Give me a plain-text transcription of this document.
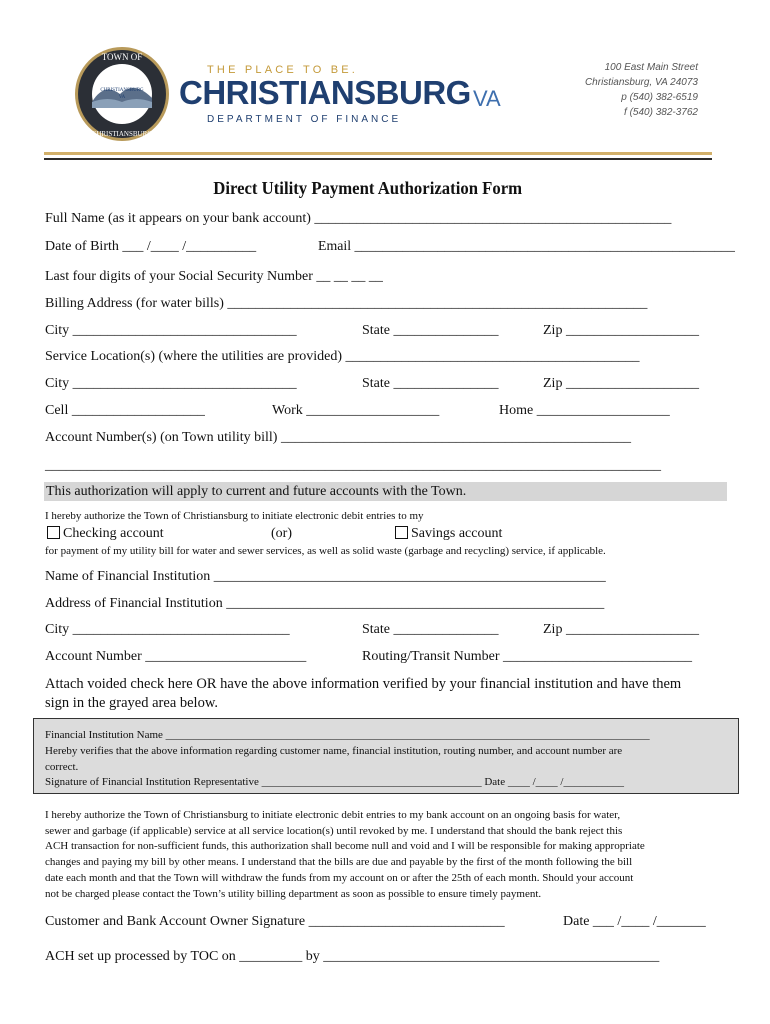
TOWN OF
CHRISTIANSBURG
CHRISTIANSBURG
VA
THE PLACE TO BE.
CHRISTIANSBURG VA
DEPARTMENT OF FINANCE
100 East Main Street
Christiansburg, VA 24073
p (540) 382-6519
f (540) 382-3762
Direct Utility Payment Authorization Form
Full Name (as it appears on your bank account) ___________________________________________________
Date of Birth ___ /____ /__________	Email _______________________________________________________
Last four digits of your Social Security Number __ __ __ __
Billing Address (for water bills) ____________________________________________________________
City ________________________________	State _______________	Zip ___________________
Service Location(s) (where the utilities are provided) __________________________________________
City ________________________________	State _______________	Zip ___________________
Cell ___________________	Work ___________________	Home ___________________
Account Number(s) (on Town utility bill) __________________________________________________
________________________________________________________________________________________
This authorization will apply to current and future accounts with the Town.
I hereby authorize the Town of Christiansburg to initiate electronic debit entries to my
Checking account	(or)	Savings account
for payment of my utility bill for water and sewer services, as well as solid waste (garbage and recycling) service, if applicable.
Name of Financial Institution ________________________________________________________
Address of Financial Institution ______________________________________________________
City _______________________________	State _______________	Zip ___________________
Account Number _______________________	Routing/Transit Number ___________________________
Attach voided check here OR have the above information verified by your financial institution and have them
sign in the grayed area below.
Financial Institution Name ________________________________________________________________________________________
Hereby verifies that the above information regarding customer name, financial institution, routing number, and account number are
correct.
Signature of Financial Institution Representative ________________________________________ Date ____ /____ /___________
I hereby authorize the Town of Christiansburg to initiate electronic debit entries to my bank account on an ongoing basis for water,
sewer and garbage (if applicable) service at all service location(s) until revoked by me. I understand that should the bank reject this
ACH transaction for non-sufficient funds, this authorization shall become null and void and I will be responsible for making appropriate
changes and paying my bill by other means. I understand that the bills are due and payable by the first of the month following the bill
date each month and that the Town will withdraw the funds from my account on or after the 25th of each month. Should your account
not be charged please contact the Town’s utility billing department as soon as possible to ensure timely payment.
Customer and Bank Account Owner Signature ____________________________	Date ___ /____ /_______
ACH set up processed by TOC on _________ by ________________________________________________
